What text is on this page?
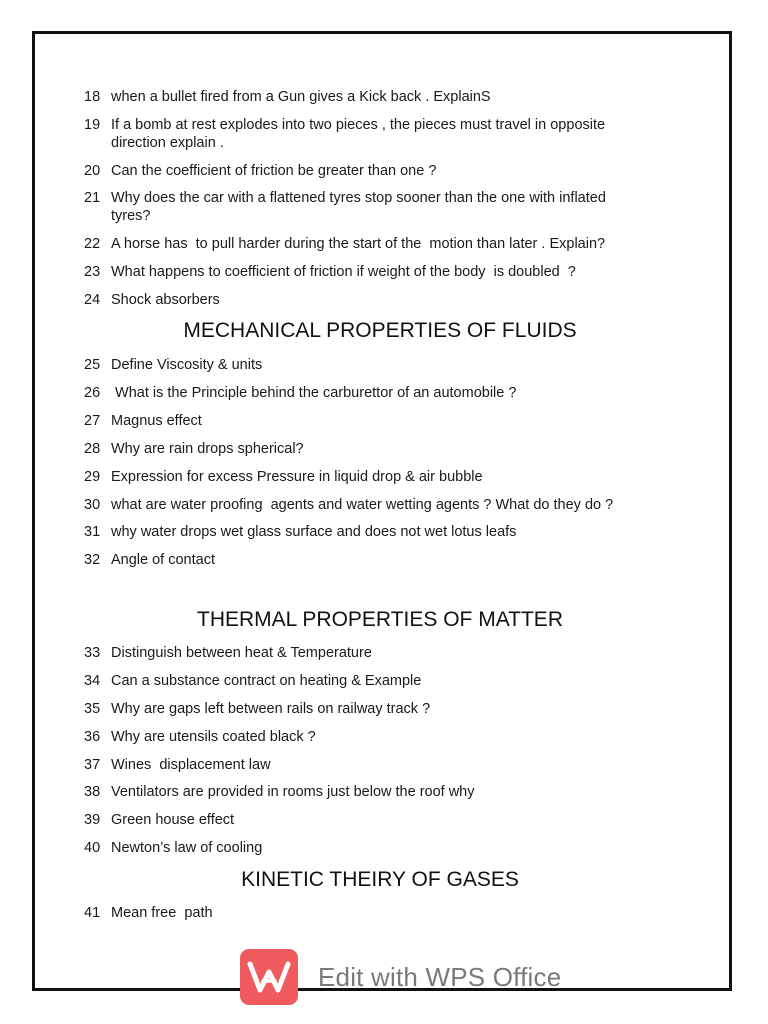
18 when a bullet fired from a Gun gives a Kick back . ExplainS
19 If a bomb at rest explodes into two pieces , the pieces must travel in opposite
direction explain .
20 Can the coefficient of friction be greater than one ?
21 Why does the car with a flattened tyres stop sooner than the one with inflated
tyres?
22 A horse has  to pull harder during the start of the  motion than later . Explain?
23 What happens to coefficient of friction if weight of the body  is doubled  ?
24 Shock absorbers
MECHANICAL PROPERTIES OF FLUIDS
25 Define Viscosity & units
26 What is the Principle behind the carburettor of an automobile ?
27 Magnus effect
28 Why are rain drops spherical?
29 Expression for excess Pressure in liquid drop & air bubble
30 what are water proofing  agents and water wetting agents ? What do they do ?
31 why water drops wet glass surface and does not wet lotus leafs
32 Angle of contact
THERMAL PROPERTIES OF MATTER
33 Distinguish between heat & Temperature
34 Can a substance contract on heating & Example
35 Why are gaps left between rails on railway track ?
36 Why are utensils coated black ?
37 Wines  displacement law
38 Ventilators are provided in rooms just below the roof why
39 Green house effect
40 Newton’s law of cooling
KINETIC THEIRY OF GASES
41 Mean free  path
Edit with WPS Office
